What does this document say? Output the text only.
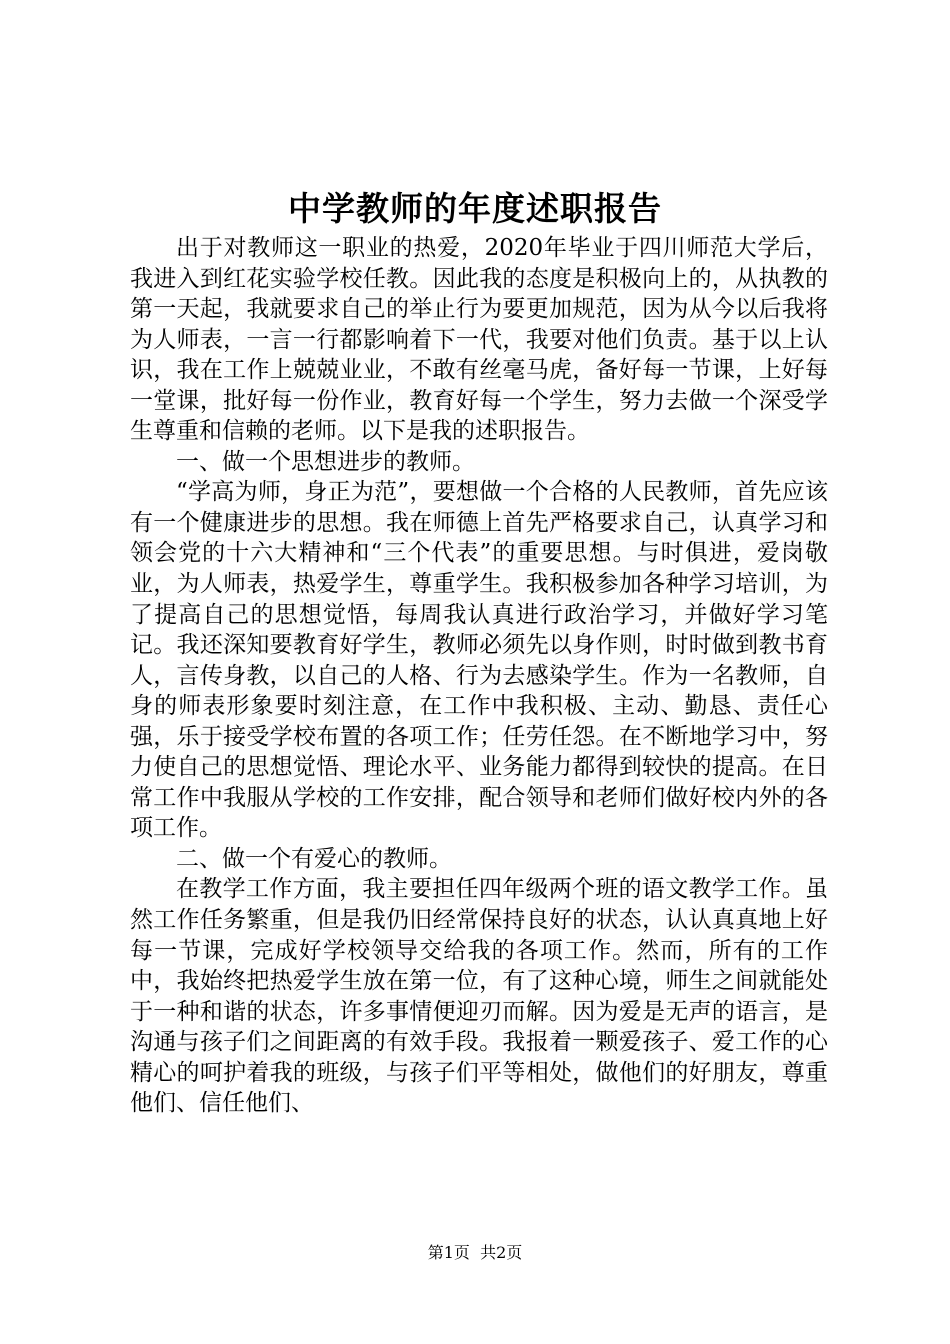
中学教师的年度述职报告

出于对教师这一职业的热爱，2020年毕业于四川师范大学后，我进入到红花实验学校任教。因此我的态度是积极向上的，从执教的第一天起，我就要求自己的举止行为要更加规范，因为从今以后我将为人师表，一言一行都影响着下一代，我要对他们负责。基于以上认识，我在工作上兢兢业业，不敢有丝毫马虎，备好每一节课，上好每一堂课，批好每一份作业，教育好每一个学生，努力去做一个深受学生尊重和信赖的老师。以下是我的述职报告。

一、做一个思想进步的教师。

“学高为师，身正为范”，要想做一个合格的人民教师，首先应该有一个健康进步的思想。我在师德上首先严格要求自己，认真学习和领会党的十六大精神和“三个代表”的重要思想。与时俱进，爱岗敬业，为人师表，热爱学生，尊重学生。我积极参加各种学习培训，为了提高自己的思想觉悟，每周我认真进行政治学习，并做好学习笔记。我还深知要教育好学生，教师必须先以身作则，时时做到教书育人，言传身教，以自己的人格、行为去感染学生。作为一名教师，自身的师表形象要时刻注意，在工作中我积极、主动、勤恳、责任心强，乐于接受学校布置的各项工作；任劳任怨。在不断地学习中，努力使自己的思想觉悟、理论水平、业务能力都得到较快的提高。在日常工作中我服从学校的工作安排，配合领导和老师们做好校内外的各项工作。

二、做一个有爱心的教师。

在教学工作方面，我主要担任四年级两个班的语文教学工作。虽然工作任务繁重，但是我仍旧经常保持良好的状态，认认真真地上好每一节课，完成好学校领导交给我的各项工作。然而，所有的工作中，我始终把热爱学生放在第一位，有了这种心境，师生之间就能处于一种和谐的状态，许多事情便迎刃而解。因为爱是无声的语言，是沟通与孩子们之间距离的有效手段。我报着一颗爱孩子、爱工作的心精心的呵护着我的班级，与孩子们平等相处，做他们的好朋友，尊重他们、信任他们、

第1页  共2页
